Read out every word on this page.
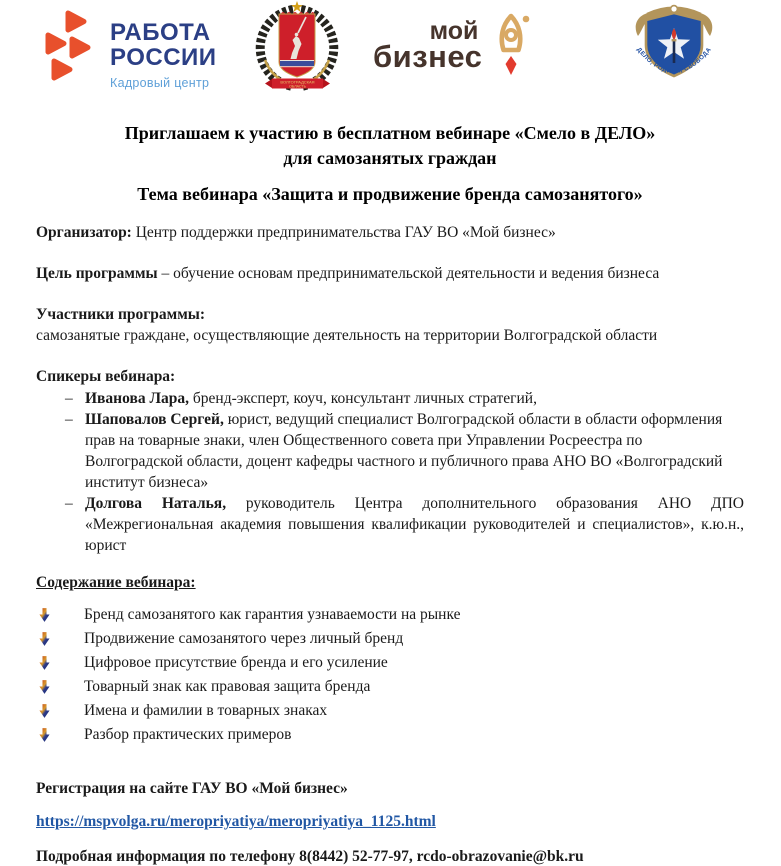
РАБОТА
РОССИИ
Кадровый центр	ВОЛГОГРАДСКАЯ
ОБЛАСТЬ
мой
бизнес	ДЕЛО, РОДИНА, СВОБОДА
Приглашаем к участию в бесплатном вебинаре «Смело в ДЕЛО»
для самозанятых граждан
Тема вебинара «Защита и продвижение бренда самозанятого»

Организатор: Центр поддержки предпринимательства ГАУ ВО «Мой бизнес»

Цель программы – обучение основам предпринимательской деятельности и ведения бизнеса

Участники программы:
самозанятые граждане, осуществляющие деятельность на территории Волгоградской области

Спикеры вебинара:

– Иванова Лара, бренд-эксперт, коуч, консультант личных стратегий,
– Шаповалов Сергей, юрист, ведущий специалист Волгоградской области в области оформления прав на товарные знаки, член Общественного совета при Управлении Росреестра по Волгоградской области, доцент кафедры частного и публичного права АНО ВО «Волгоградский институт бизнеса»
– Долгова Наталья, руководитель Центра дополнительного образования АНО ДПО «Межрегиональная академия повышения квалификации руководителей и специалистов», к.ю.н., юрист
Содержание вебинара:
Бренд самозанятого как гарантия узнаваемости на рынке
Продвижение самозанятого через личный бренд
Цифровое присутствие бренда и его усиление
Товарный знак как правовая защита бренда
Имена и фамилии в товарных знаках
Разбор практических примеров
Регистрация на сайте ГАУ ВО «Мой бизнес»
https://mspvolga.ru/meropriyatiya/meropriyatiya_1125.html
Подробная информация по телефону 8(8442) 52-77-97, rcdo-obrazovanie@bk.ru
